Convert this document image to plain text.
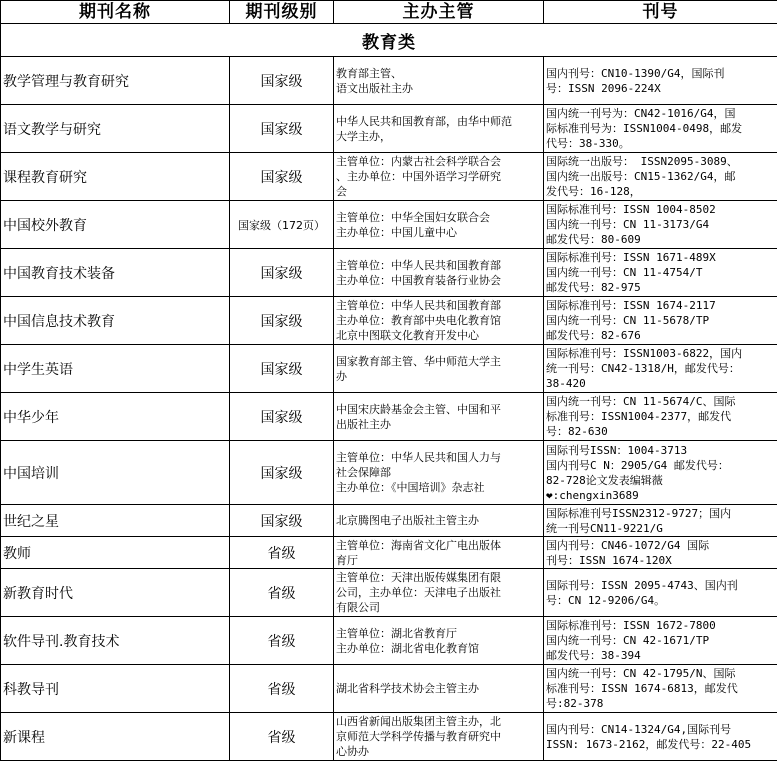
期刊名称	期刊级别	主办主管	刊号
教育类			
教学管理与教育研究	国家级	教育部主管、
语文出版社主办	国内刊号：CN10-1390/G4，国际刊
号：ISSN 2096-224X
语文教学与研究	国家级	中华人民共和国教育部，由华中师范
大学主办，	国内统一刊号为：CN42-1016/G4，国
际标准刊号为：ISSN1004-0498，邮发
代号：38-330。
课程教育研究	国家级	主管单位：内蒙古社会科学联合会
、主办单位：中国外语学习学研究
会	国际统一出版号： ISSN2095-3089、
国内统一出版号：CN15-1362/G4，邮
发代号：16-128，
中国校外教育	国家级（172页）	主管单位：中华全国妇女联合会
主办单位：中国儿童中心	国际标准刊号：ISSN 1004-8502
国内统一刊号：CN 11-3173/G4
邮发代号：80-609
中国教育技术装备	国家级	主管单位：中华人民共和国教育部
主办单位：中国教育装备行业协会	国际标准刊号：ISSN 1671-489X
国内统一刊号：CN 11-4754/T
邮发代号：82-975
中国信息技术教育	国家级	主管单位：中华人民共和国教育部
主办单位：教育部中央电化教育馆
北京中图联文化教育开发中心	国际标准刊号：ISSN 1674-2117
国内统一刊号：CN 11-5678/TP
邮发代号：82-676
中学生英语	国家级	国家教育部主管、华中师范大学主
办	国际标准刊号：ISSN1003-6822，国内
统一刊号：CN42-1318/H，邮发代号：
38-420
中华少年	国家级	中国宋庆龄基金会主管、中国和平
出版社主办	国内统一刊号：CN 11-5674/C、国际
标准刊号：ISSN1004-2377，邮发代
号：82-630
中国培训	国家级	主管单位：中华人民共和国人力与
社会保障部
主办单位：《中国培训》杂志社	国际刊号ISSN：1004-3713
国内刊号C N：2905/G4 邮发代号：
82-728论文发表编辑薇
❤:chengxin3689
世纪之星	国家级	北京腾图电子出版社主管主办	国际标准刊号ISSN2312-9727；国内
统一刊号CN11-9221/G
教师	省级	主管单位：海南省文化广电出版体
育厅	国内刊号：CN46-1072/G4 国际
刊号：ISSN 1674-120X
新教育时代	省级	主管单位：天津出版传媒集团有限
公司，主办单位：天津电子出版社
有限公司	国际刊号：ISSN 2095-4743、国内刊
号：CN 12-9206/G4。
软件导刊.教育技术	省级	主管单位：湖北省教育厅
主办单位：湖北省电化教育馆	国际标准刊号：ISSN 1672-7800
国内统一刊号：CN 42-1671/TP
邮发代号：38-394
科教导刊	省级	湖北省科学技术协会主管主办	国内统一刊号：CN 42-1795/N、国际
标准刊号：ISSN 1674-6813，邮发代
号:82-378
新课程	省级	山西省新闻出版集团主管主办，北
京师范大学科学传播与教育研究中
心协办	国内刊号：CN14-1324/G4,国际刊号
ISSN: 1673-2162，邮发代号：22-405
